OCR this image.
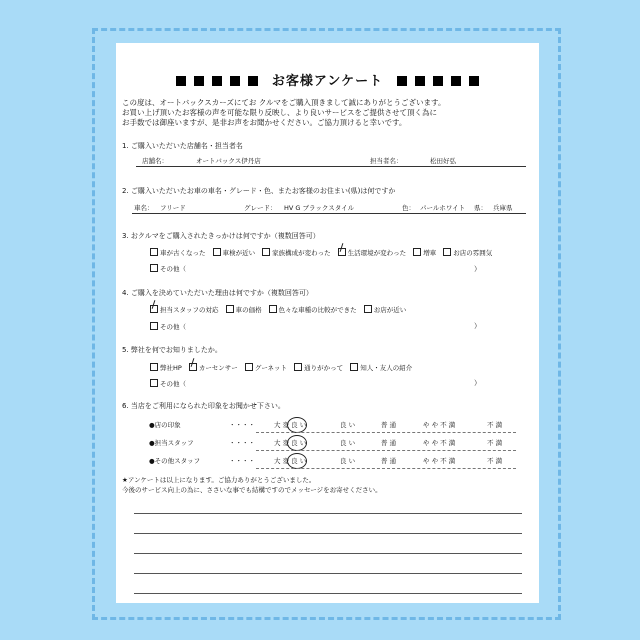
お客様アンケート
この度は、オートバックスカーズにてお クルマをご購入頂きまして誠にありがとうございます。
お買い上げ頂いたお客様の声を可能な限り反映し、より良いサービスをご提供させて頂く為に
お手数では御座いますが、是非お声をお聞かせください。ご協力頂けると幸いです。
1. ご購入いただいた店舗名・担当者名
店舗名：	オートバックス伊丹店	担当者名：	松田好弘
2. ご購入いただいたお車の車名・グレード・色、またお客様のお住まい(県)は何ですか
車名： フリード	グレード： HV G ブラックスタイル	色： パールホワイト 県： 兵庫県
3. おクルマをご購入されたきっかけは何ですか（複数回答可）
車が古くなった	車検が近い	家族構成が変わった	生活環境が変わった	増車	お店の雰囲気
その他（	）
4. ご購入を決めていただいた理由は何ですか（複数回答可）
担当スタッフの対応	車の価格	色々な車種の比較ができた	お店が近い
その他（	）
5. 弊社を何でお知りましたか。
弊社HP	カーセンサー	グーネット	通りがかって	知人・友人の紹介
その他（	）
6. 当店をご利用になられた印象をお聞かせ下さい。
●店の印象	・・・・	大 変 良 い	良 い	普 通	や や 不 満	不 満
●担当スタッフ	・・・・	大 変 良 い	良 い	普 通	や や 不 満	不 満
●その他スタッフ	・・・・	大 変 良 い	良 い	普 通	や や 不 満	不 満
★アンケートは以上になります。ご協力ありがとうございました。
今後のサービス向上の為に、ささいな事でも結構ですのでメッセージをお寄せください。
